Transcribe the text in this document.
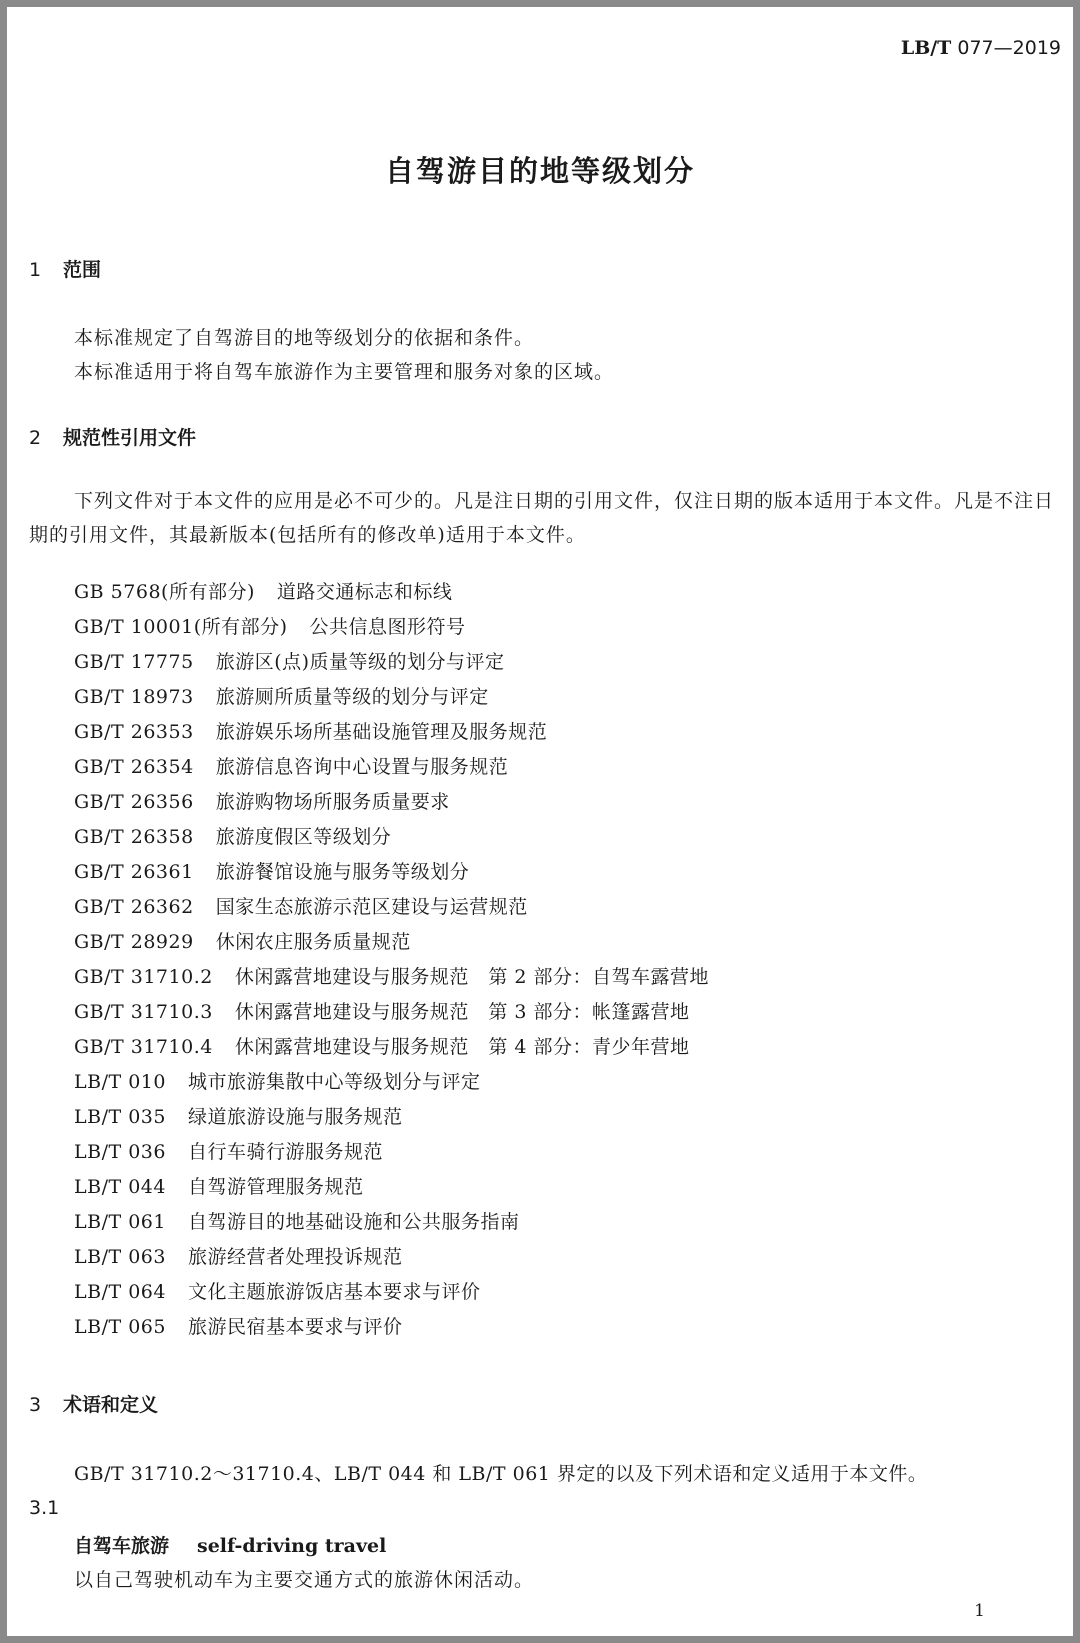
LB/T 077—2019
自驾游目的地等级划分
1 范围
本标准规定了自驾游目的地等级划分的依据和条件。
本标准适用于将自驾车旅游作为主要管理和服务对象的区域。
2 规范性引用文件
下列文件对于本文件的应用是必不可少的。凡是注日期的引用文件，仅注日期的版本适用于本文件。凡是不注日期的引用文件，其最新版本(包括所有的修改单)适用于本文件。
GB 5768(所有部分) 道路交通标志和标线
GB/T 10001(所有部分) 公共信息图形符号
GB/T 17775 旅游区(点)质量等级的划分与评定
GB/T 18973 旅游厕所质量等级的划分与评定
GB/T 26353 旅游娱乐场所基础设施管理及服务规范
GB/T 26354 旅游信息咨询中心设置与服务规范
GB/T 26356 旅游购物场所服务质量要求
GB/T 26358 旅游度假区等级划分
GB/T 26361 旅游餐馆设施与服务等级划分
GB/T 26362 国家生态旅游示范区建设与运营规范
GB/T 28929 休闲农庄服务质量规范
GB/T 31710.2 休闲露营地建设与服务规范　第 2 部分：自驾车露营地
GB/T 31710.3 休闲露营地建设与服务规范　第 3 部分：帐篷露营地
GB/T 31710.4 休闲露营地建设与服务规范　第 4 部分：青少年营地
LB/T 010 城市旅游集散中心等级划分与评定
LB/T 035 绿道旅游设施与服务规范
LB/T 036 自行车骑行游服务规范
LB/T 044 自驾游管理服务规范
LB/T 061 自驾游目的地基础设施和公共服务指南
LB/T 063 旅游经营者处理投诉规范
LB/T 064 文化主题旅游饭店基本要求与评价
LB/T 065 旅游民宿基本要求与评价
3 术语和定义
GB/T 31710.2～31710.4、LB/T 044 和 LB/T 061 界定的以及下列术语和定义适用于本文件。
3.1
自驾车旅游 self-driving travel
以自己驾驶机动车为主要交通方式的旅游休闲活动。
1
